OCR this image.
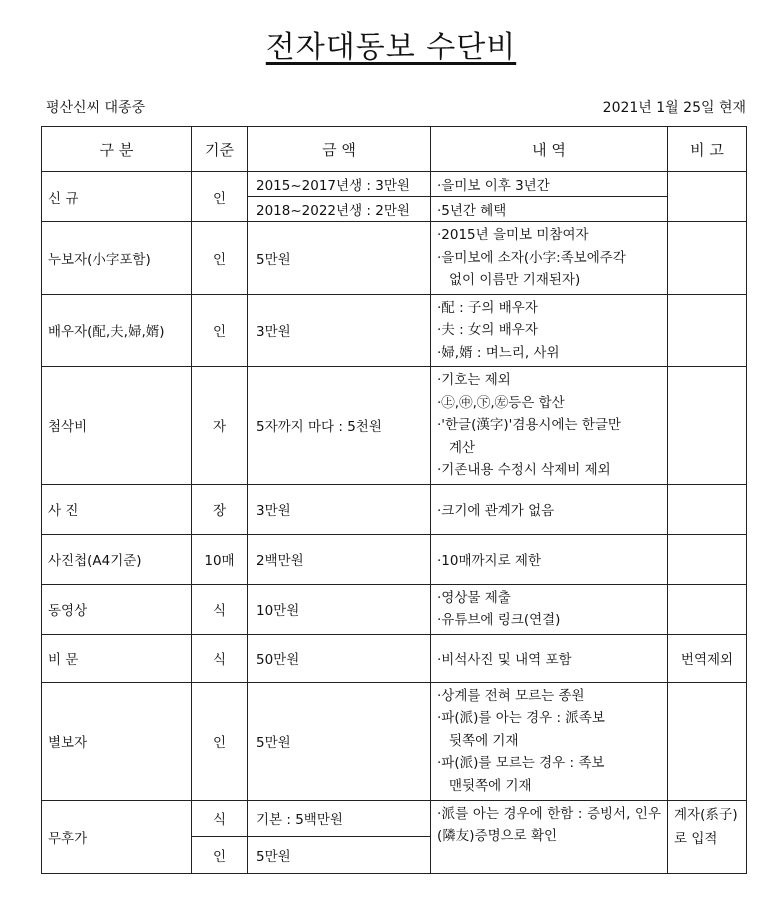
전자대동보 수단비
평산신씨 대종중	2021년 1월 25일 현재
구 분	기준	금 액	내 역	비 고
신 규	인	2015~2017년생 : 3만원	·을미보 이후 3년간	
		2018~2022년생 : 2만원	·5년간 혜택	
누보자(小字포함)	인	5만원	·2015년 을미보 미참여자
·을미보에 소자(小字:족보에주각
없이 이름만 기재된자)	

배우자(配,夫,婦,婿)	인	3만원	·配 : 子의 배우자
·夫 : 女의 배우자
·婦,婿 : 며느리, 사위	

첨삭비	자	5자까지 마다 : 5천원	·기호는 제외
·㊤,㊥,㊦,㊧등은 합산
·'한글(漢字)'겸용시에는 한글만
계산
·기존내용 수정시 삭제비 제외	

사 진	장	3만원	·크기에 관계가 없음	
사진첩(A4기준)	10매	2백만원	·10매까지로 제한	
동영상	식	10만원	·영상물 제출
·유튜브에 링크(연결)	

비 문	식	50만원	·비석사진 및 내역 포함	번역제외
별보자	인	5만원	·상계를 전혀 모르는 종원
·파(派)를 아는 경우 : 派족보
뒷쪽에 기재
·파(派)를 모르는 경우 : 족보
맨뒷쪽에 기재	

무후가	식	기본 : 5백만원	·派를 아는 경우에 한함 : 증빙서, 인우(隣友)증명으로 확인	계자(系子)로 입적
	인	5만원		
